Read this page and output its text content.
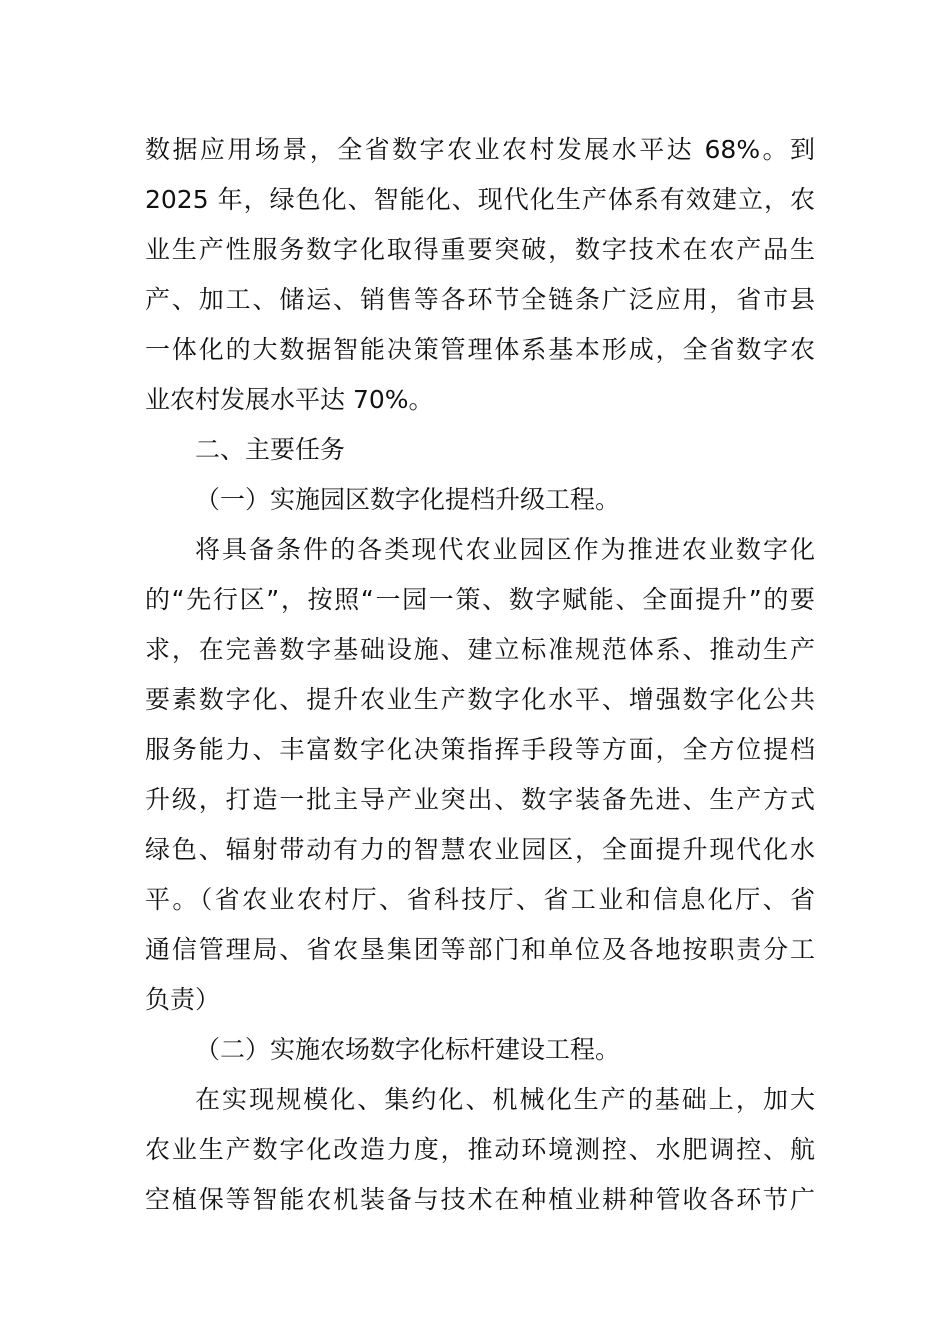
数据应用场景，全省数字农业农村发展水平达 68%。到
2025 年，绿色化、智能化、现代化生产体系有效建立，农
业生产性服务数字化取得重要突破，数字技术在农产品生
产、加工、储运、销售等各环节全链条广泛应用，省市县
一体化的大数据智能决策管理体系基本形成，全省数字农
业农村发展水平达 70%。
二、主要任务
（一）实施园区数字化提档升级工程。
将具备条件的各类现代农业园区作为推进农业数字化
的“先行区”，按照“一园一策、数字赋能、全面提升”的要
求，在完善数字基础设施、建立标准规范体系、推动生产
要素数字化、提升农业生产数字化水平、增强数字化公共
服务能力、丰富数字化决策指挥手段等方面，全方位提档
升级，打造一批主导产业突出、数字装备先进、生产方式
绿色、辐射带动有力的智慧农业园区，全面提升现代化水
平。（省农业农村厅、省科技厅、省工业和信息化厅、省
通信管理局、省农垦集团等部门和单位及各地按职责分工
负责）
（二）实施农场数字化标杆建设工程。
在实现规模化、集约化、机械化生产的基础上，加大
农业生产数字化改造力度，推动环境测控、水肥调控、航
空植保等智能农机装备与技术在种植业耕种管收各环节广
